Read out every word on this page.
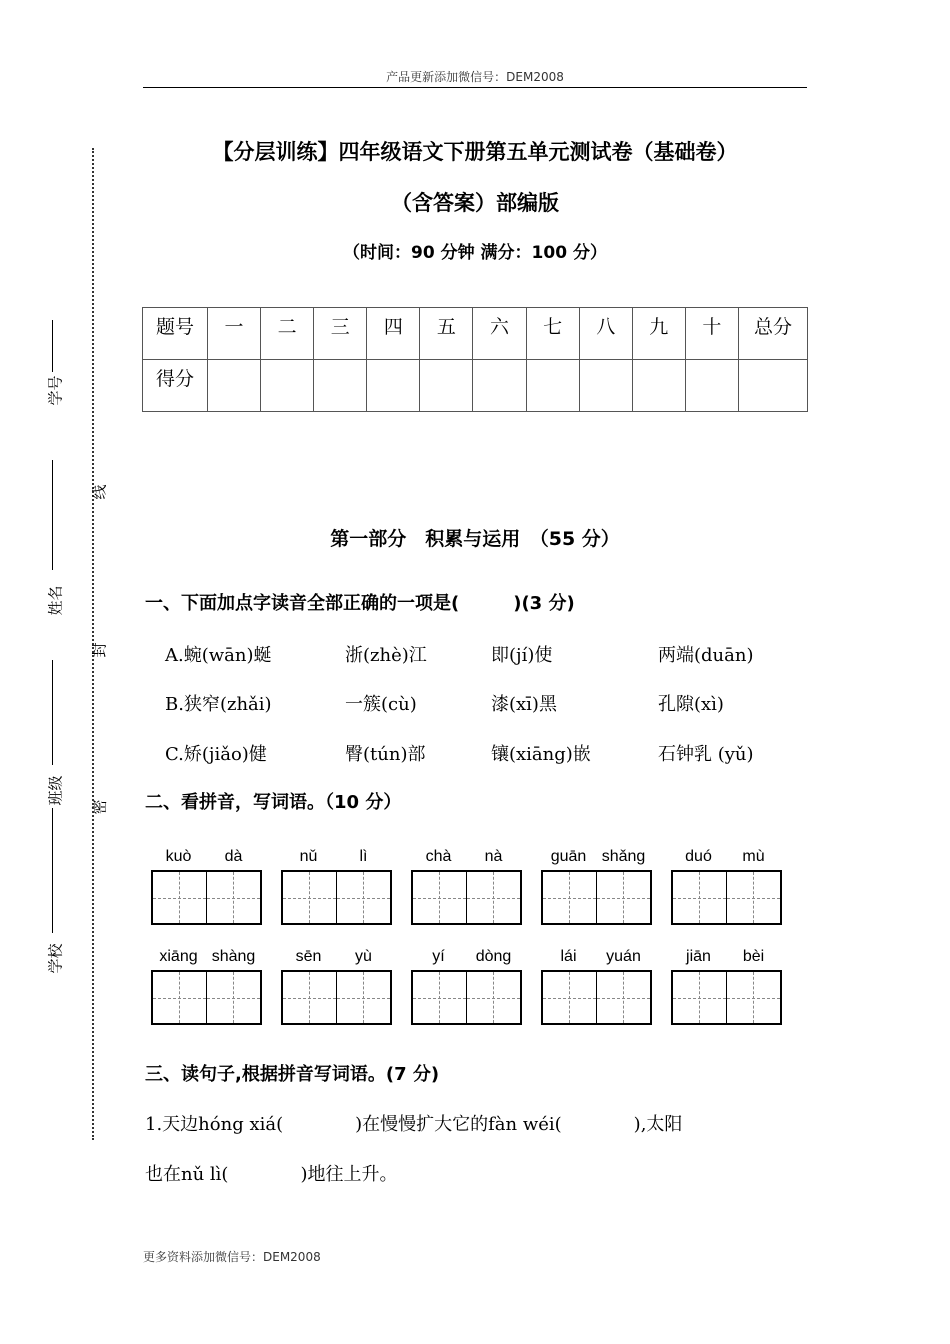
产品更新添加微信号：DEM2008
学号
姓名
班级
学校
线
封
密
【分层训练】四年级语文下册第五单元测试卷（基础卷）
（含答案）部编版
（时间：90 分钟 满分：100 分）
题号	一	二	三	四	五	六	七	八	九	十	总分
得分											
第一部分　积累与运用　（55 分）
一、下面加点字读音全部正确的一项是(　　　)(3 分)
A.蜿(wān)蜒	浙(zhè)江	即(jí)使	两端(duān)
B.狭窄(zhǎi)	一簇(cù)	漆(xī)黑	孔隙(xì)
C.矫(jiǎo)健	臀(tún)部	镶(xiāng)嵌	石钟乳 (yǔ)
二、看拼音，写词语。（10 分）
kuò	dà	nǔ	lì	chà	nà	guān shǎng	duó	mù
xiāng shàng	sēn	yù	yí	dòng	lái	yuán	jiān	bèi
三、读句子,根据拼音写词语。(7 分)
1.天边hóng xiá(　　　　)在慢慢扩大它的fàn wéi(　　　　),太阳
也在nǔ lì(　　　　)地往上升。
更多资料添加微信号：DEM2008
